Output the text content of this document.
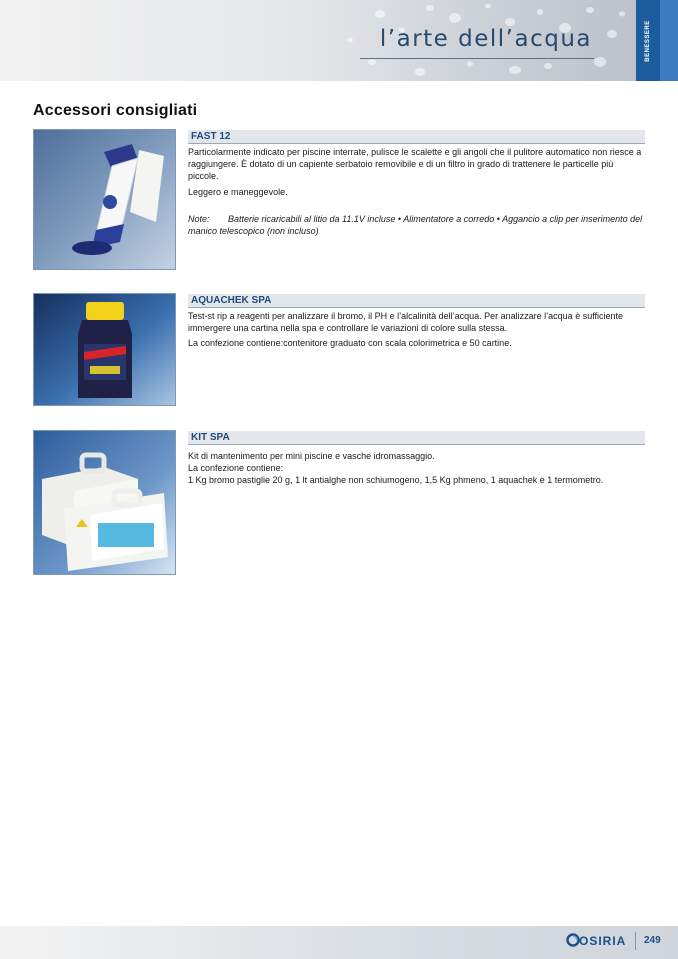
l’arte dell’acqua	BENESSERE
Accessori consigliati
FAST 12

Particolarmente indicato per piscine interrate, pulisce le scalette e gli angoli che il pulitore automatico non riesce a raggiungere. È dotato di un capiente serbatoio removibile e di un filtro in grado di trattenere le particelle più piccole.

Leggero e maneggevole.

Note: Batterie ricaricabili al litio da 11.1V incluse • Alimentatore a corredo • Aggancio a clip per inserimento del manico telescopico (non incluso)

AQUACHEK SPA

Test-st rip a reagenti per analizzare il bromo, il PH e l’alcalinità dell’acqua. Per analizzare l’acqua è sufficiente immergere una cartina nella spa e controllare le variazioni di colore sulla stessa.

La confezione contiene:contenitore graduato con scala colorimetrica e 50 cartine.

KIT SPA

Kit di mantenimento per mini piscine e vasche idromassaggio.

La confezione contiene:

1 Kg bromo pastiglie 20 g, 1 lt antialghe non schiumogeno, 1,5 Kg phmeno, 1 aquachek e 1 termometro.

OSIRIA 249
